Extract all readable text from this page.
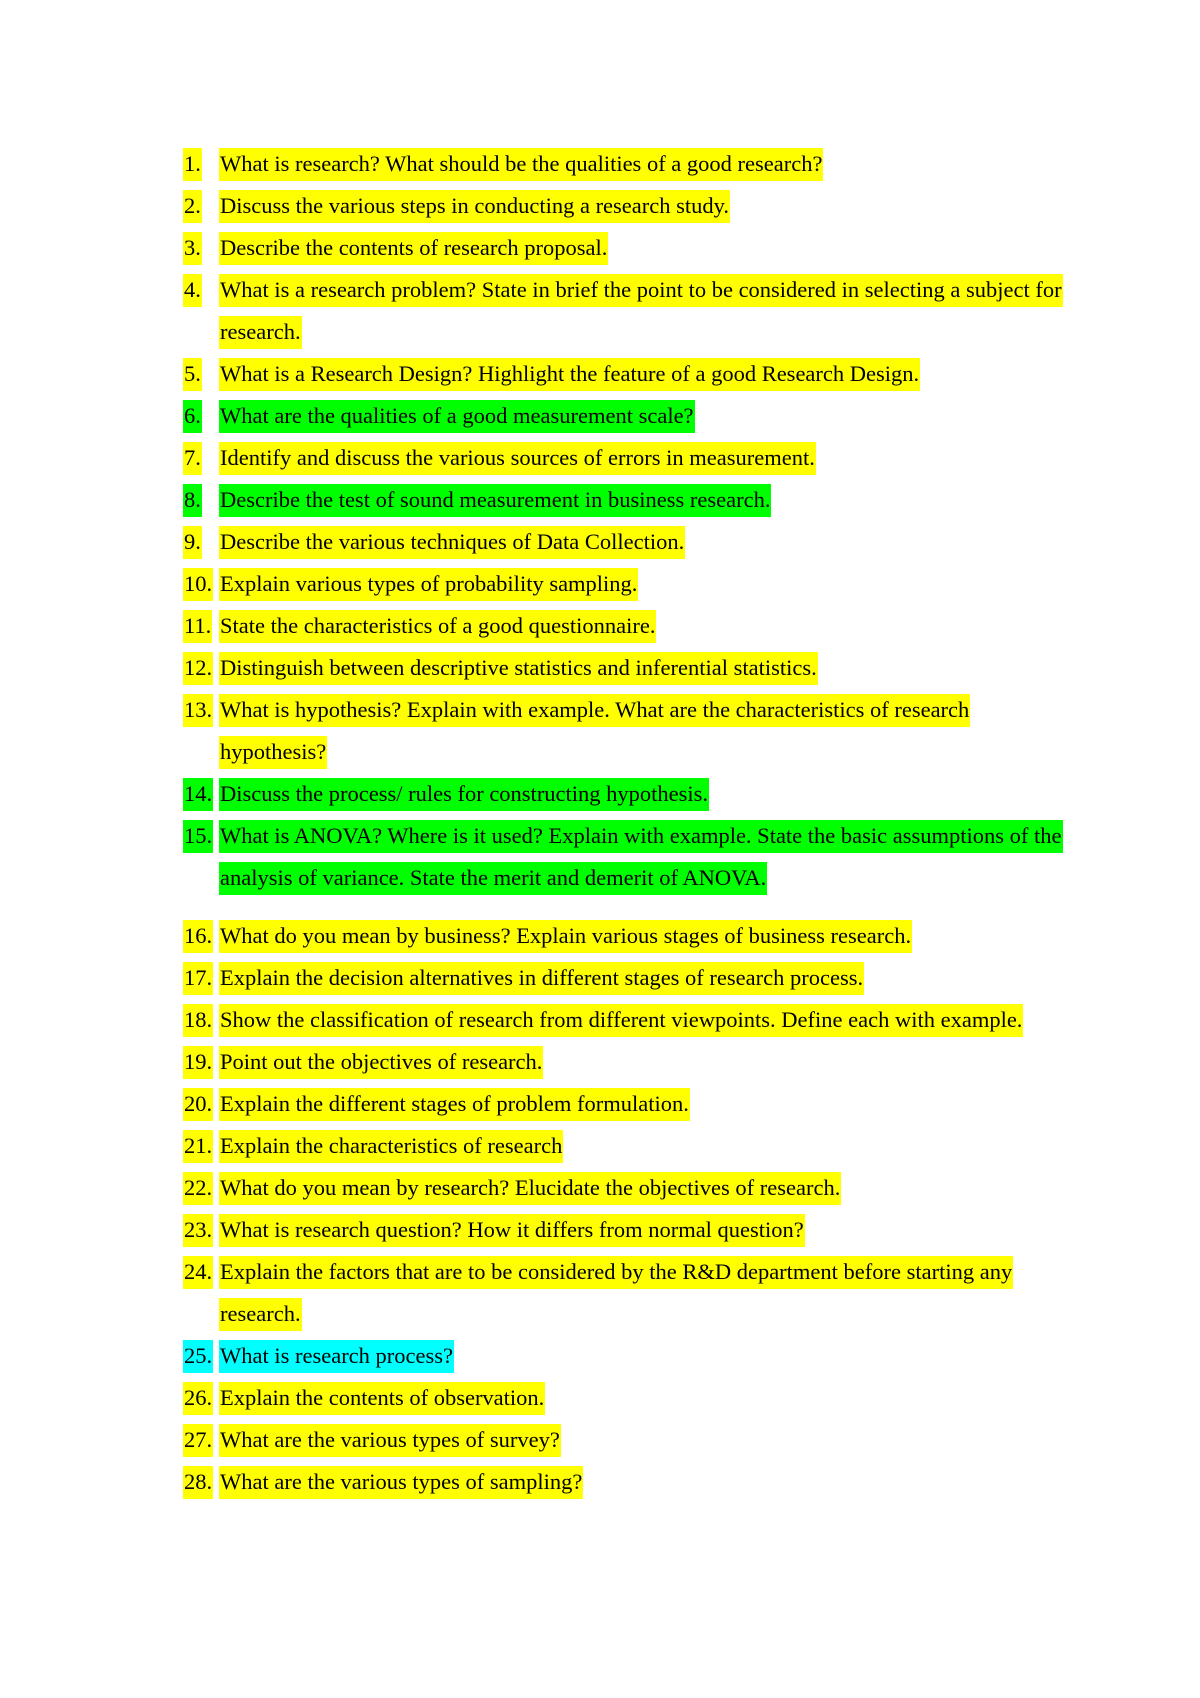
1. What is research? What should be the qualities of a good research?
2. Discuss the various steps in conducting a research study.
3. Describe the contents of research proposal.
4. What is a research problem? State in brief the point to be considered in selecting a subject for research.
5. What is a Research Design? Highlight the feature of a good Research Design.
6. What are the qualities of a good measurement scale?
7. Identify and discuss the various sources of errors in measurement.
8. Describe the test of sound measurement in business research.
9. Describe the various techniques of Data Collection.
10. Explain various types of probability sampling.
11. State the characteristics of a good questionnaire.
12. Distinguish between descriptive statistics and inferential statistics.
13. What is hypothesis? Explain with example. What are the characteristics of research hypothesis?
14. Discuss the process/ rules for constructing hypothesis.
15. What is ANOVA? Where is it used? Explain with example. State the basic assumptions of the analysis of variance. State the merit and demerit of ANOVA.
16. What do you mean by business? Explain various stages of business research.
17. Explain the decision alternatives in different stages of research process.
18. Show the classification of research from different viewpoints. Define each with example.
19. Point out the objectives of research.
20. Explain the different stages of problem formulation.
21. Explain the characteristics of research
22. What do you mean by research? Elucidate the objectives of research.
23. What is research question? How it differs from normal question?
24. Explain the factors that are to be considered by the R&D department before starting any research.
25. What is research process?
26. Explain the contents of observation.
27. What are the various types of survey?
28. What are the various types of sampling?
